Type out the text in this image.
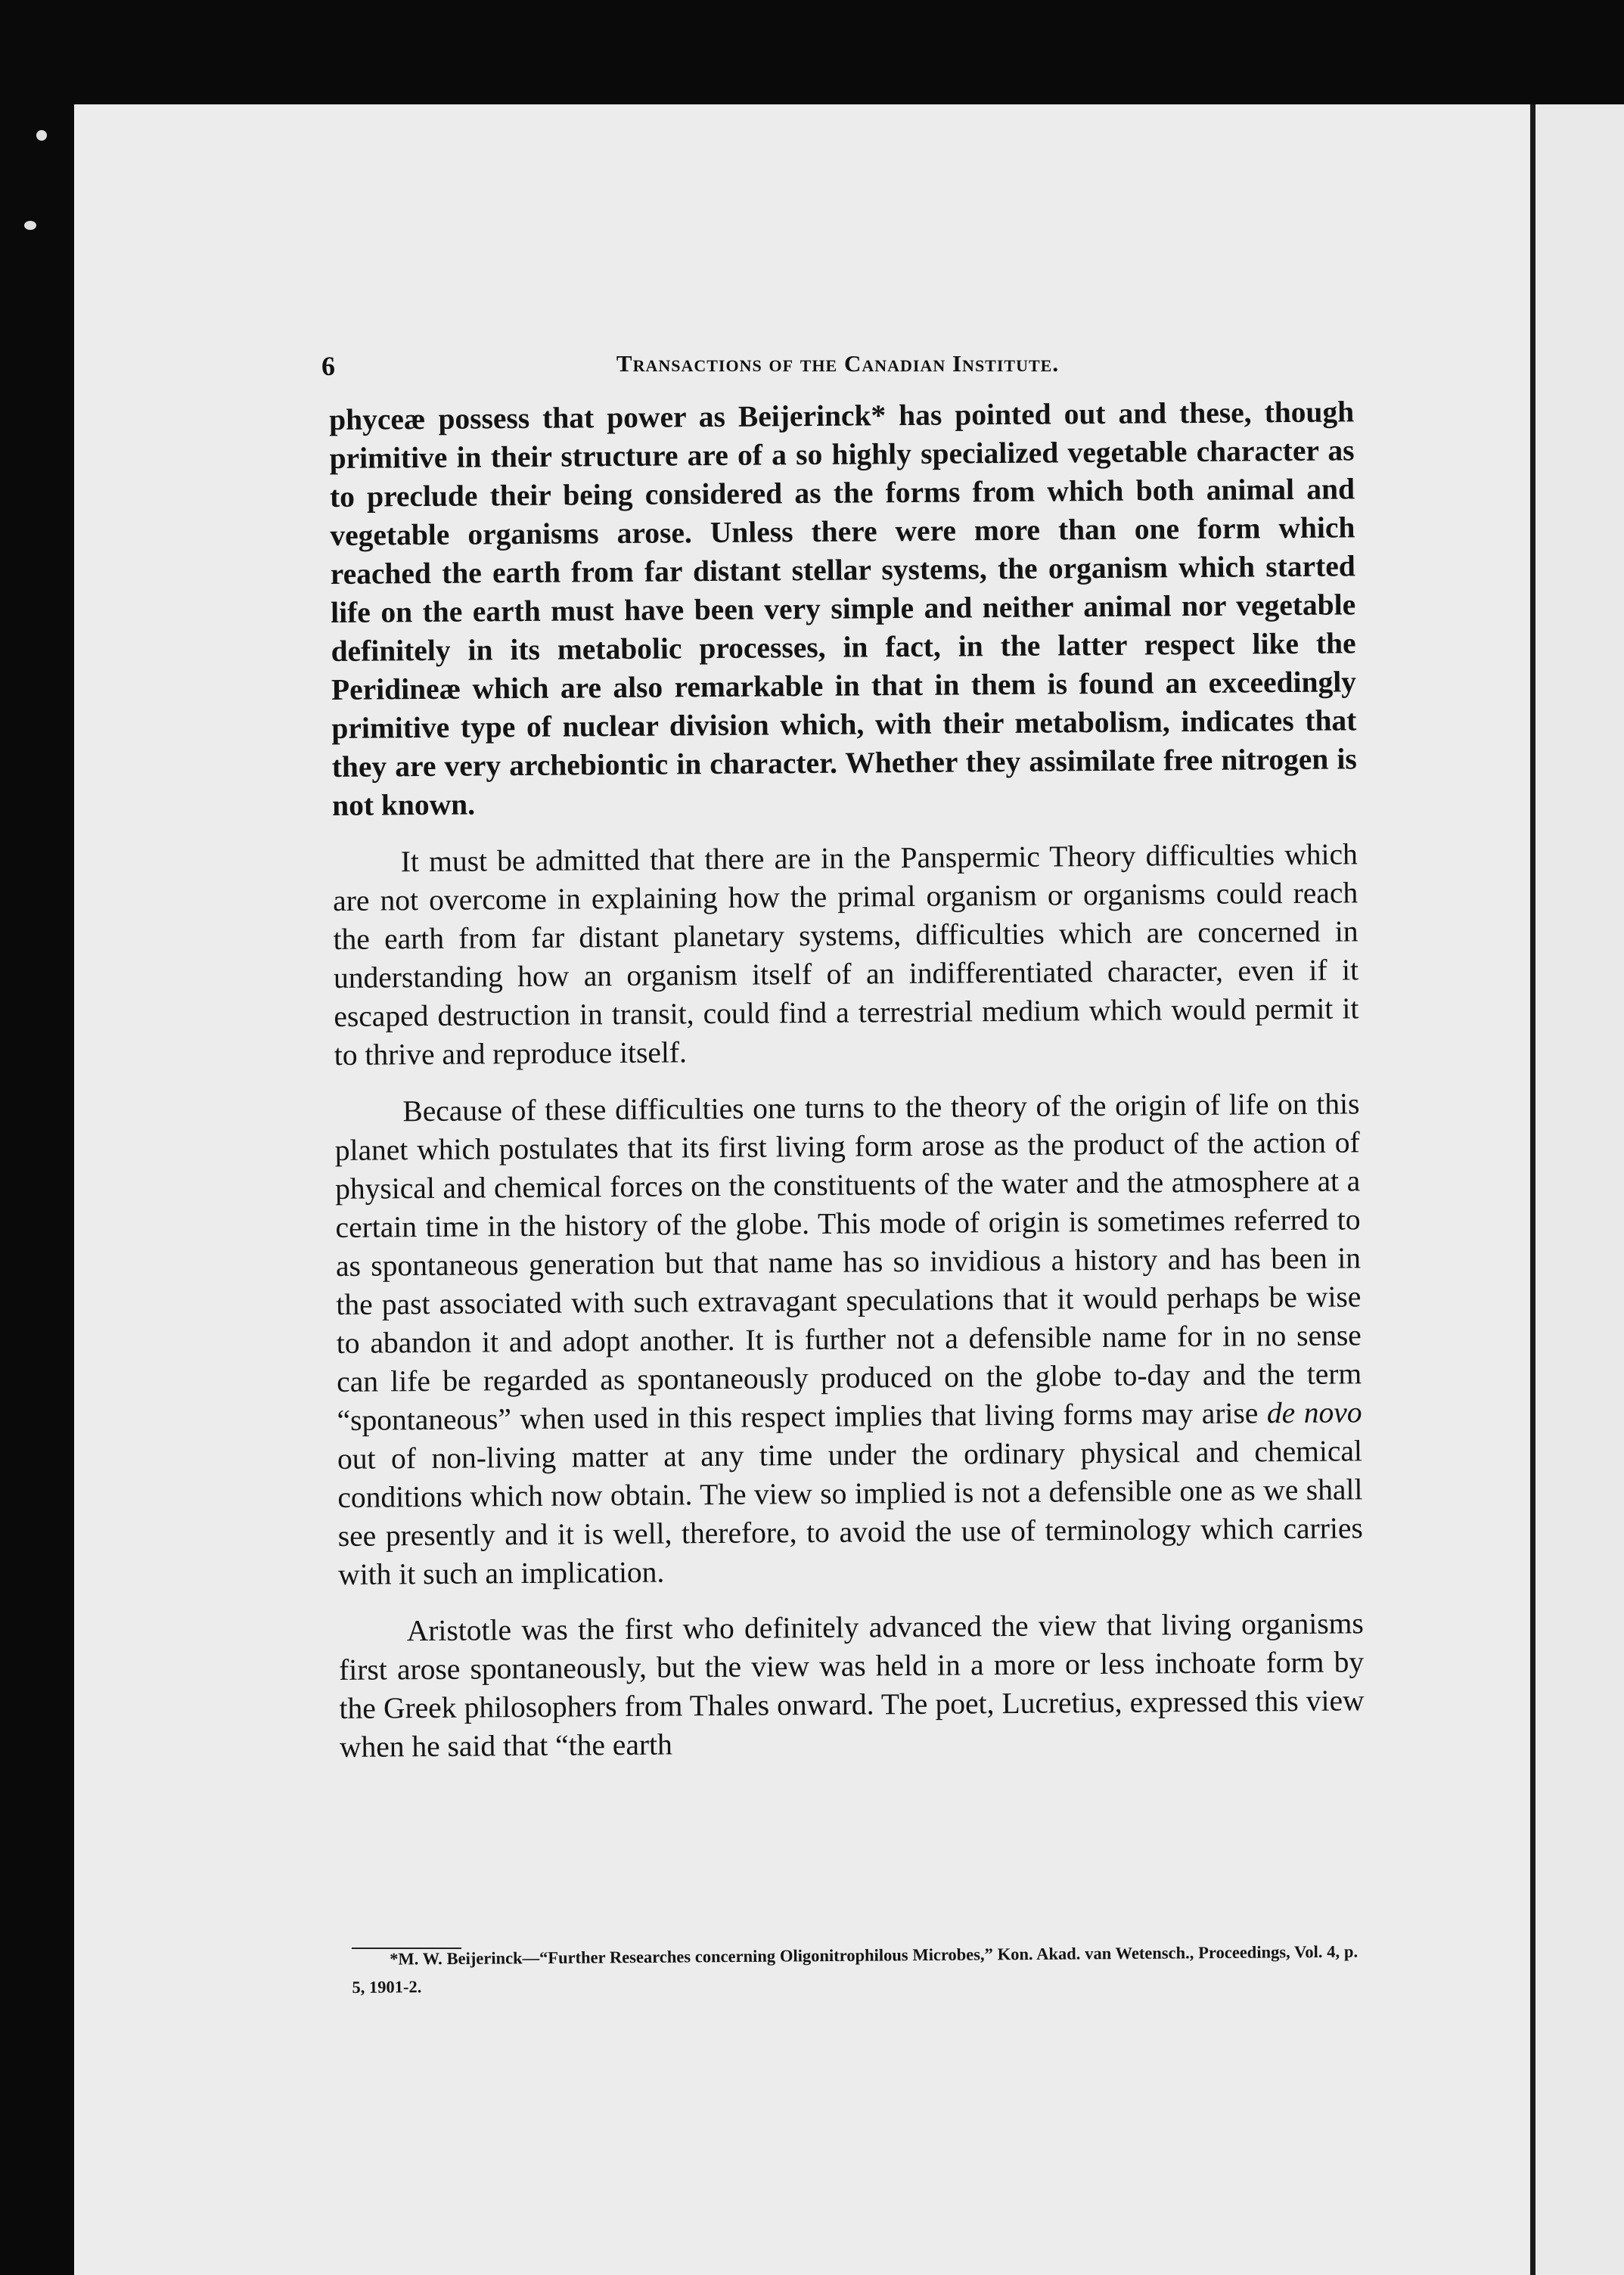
6	Transactions of the Canadian Institute.

phyceæ possess that power as Beijerinck* has pointed out and these, though primitive in their structure are of a so highly specialized vegetable character as to preclude their being considered as the forms from which both animal and vegetable organisms arose. Unless there were more than one form which reached the earth from far distant stellar systems, the organism which started life on the earth must have been very simple and neither animal nor vegetable definitely in its metabolic processes, in fact, in the latter respect like the Peridineæ which are also remarkable in that in them is found an exceedingly primitive type of nuclear division which, with their metabolism, indicates that they are very archebiontic in character. Whether they assimilate free nitrogen is not known.

It must be admitted that there are in the Panspermic Theory difficulties which are not overcome in explaining how the primal organism or organisms could reach the earth from far distant planetary systems, difficulties which are concerned in understanding how an organism itself of an indifferentiated character, even if it escaped destruction in transit, could find a terrestrial medium which would permit it to thrive and reproduce itself.

Because of these difficulties one turns to the theory of the origin of life on this planet which postulates that its first living form arose as the product of the action of physical and chemical forces on the constituents of the water and the atmosphere at a certain time in the history of the globe. This mode of origin is sometimes referred to as spontaneous generation but that name has so invidious a history and has been in the past associated with such extravagant speculations that it would perhaps be wise to abandon it and adopt another. It is further not a defensible name for in no sense can life be regarded as spontaneously produced on the globe to-day and the term “spontaneous” when used in this respect implies that living forms may arise de novo out of non-living matter at any time under the ordinary physical and chemical conditions which now obtain. The view so implied is not a defensible one as we shall see presently and it is well, therefore, to avoid the use of terminology which carries with it such an implication.

Aristotle was the first who definitely advanced the view that living organisms first arose spontaneously, but the view was held in a more or less inchoate form by the Greek philosophers from Thales onward. The poet, Lucretius, expressed this view when he said that “the earth

*M. W. Beijerinck—“Further Researches concerning Oligonitrophilous Microbes,” Kon. Akad. van Wetensch., Proceedings, Vol. 4, p. 5, 1901-2.
